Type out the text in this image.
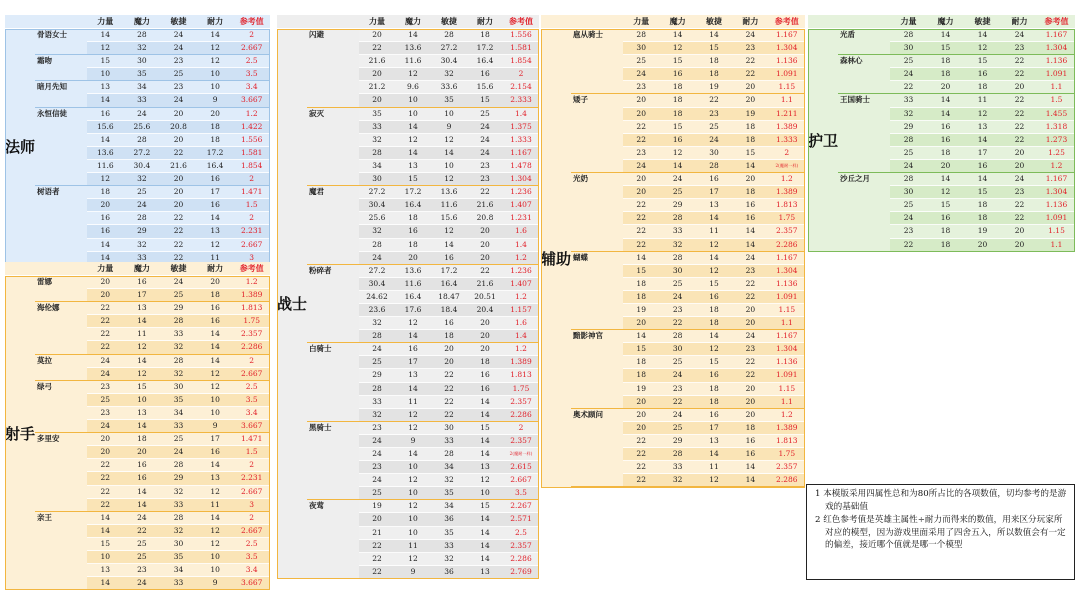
力量	魔力	敏捷	耐力	参考值
法师
骨语女士	14	28	24	14	2
12	32	24	12	2.667
霜吻	15	30	23	12	2.5
10	35	25	10	3.5
暗月先知	13	34	23	10	3.4
14	33	24	9	3.667
永恒信徒	16	24	20	20	1.2
15.6	25.6	20.8	18	1.422
14	28	20	18	1.556
13.6	27.2	22	17.2	1.581
11.6	30.4	21.6	16.4	1.854
12	32	20	16	2
树语者	18	25	20	17	1.471
20	24	20	16	1.5
16	28	22	14	2
16	29	22	13	2.231
14	32	22	12	2.667
14	33	22	11	3
力量	魔力	敏捷	耐力	参考值
射手
雷娜	20	16	24	20	1.2
20	17	25	18	1.389
海伦娜	22	13	29	16	1.813
22	14	28	16	1.75
22	11	33	14	2.357
22	12	32	14	2.286
莫拉	24	14	28	14	2
24	12	32	12	2.667
绿弓	23	15	30	12	2.5
25	10	35	10	3.5
23	13	34	10	3.4
24	14	33	9	3.667
多里安	20	18	25	17	1.471
20	20	24	16	1.5
22	16	28	14	2
22	16	29	13	2.231
22	14	32	12	2.667
22	14	33	11	3
亲王	14	24	28	14	2
14	22	32	12	2.667
15	25	30	12	2.5
10	25	35	10	3.5
13	23	34	10	3.4
14	24	33	9	3.667
力量	魔力	敏捷	耐力	参考值
战士
闪避	20	14	28	18	1.556
22	13.6	27.2	17.2	1.581
21.6	11.6	30.4	16.4	1.854
20	12	32	16	2
21.2	9.6	33.6	15.6	2.154
20	10	35	15	2.333
寂灭	35	10	10	25	1.4
33	14	9	24	1.375
32	12	12	24	1.333
28	14	14	24	1.167
34	13	10	23	1.478
30	15	12	23	1.304
魔君	27.2	17.2	13.6	22	1.236
30.4	16.4	11.6	21.6	1.407
25.6	18	15.6	20.8	1.231
32	16	12	20	1.6
28	18	14	20	1.4
24	20	16	20	1.2
粉碎者	27.2	13.6	17.2	22	1.236
30.4	11.6	16.4	21.6	1.407
24.62	16.4	18.47	20.51	1.2
23.6	17.6	18.4	20.4	1.157
32	12	16	20	1.6
28	14	18	20	1.4
白骑士	24	16	20	20	1.2
25	17	20	18	1.389
29	13	22	16	1.813
28	14	22	16	1.75
33	11	22	14	2.357
32	12	22	14	2.286
黑骑士	23	12	30	15	2
24	9	33	14	2.357
24	14	28	14	2(魔耐一样)
23	10	34	13	2.615
24	12	32	12	2.667
25	10	35	10	3.5
夜莺	19	12	34	15	2.267
20	10	36	14	2.571
21	10	35	14	2.5
22	11	33	14	2.357
22	12	32	14	2.286
22	9	36	13	2.769
力量	魔力	敏捷	耐力	参考值
辅助
扈从骑士	28	14	14	24	1.167
30	12	15	23	1.304
25	15	18	22	1.136
24	16	18	22	1.091
23	18	19	20	1.15
矮子	20	18	22	20	1.1
20	18	23	19	1.211
22	15	25	18	1.389
22	16	24	18	1.333
23	12	30	15	2
24	14	28	14	2(魔耐一样)
光奶	20	24	16	20	1.2
20	25	17	18	1.389
22	29	13	16	1.813
22	28	14	16	1.75
22	33	11	14	2.357
22	32	12	14	2.286
蝴蝶	14	28	14	24	1.167
15	30	12	23	1.304
18	25	15	22	1.136
18	24	16	22	1.091
19	23	18	20	1.15
20	22	18	20	1.1
黯影神官	14	28	14	24	1.167
15	30	12	23	1.304
18	25	15	22	1.136
18	24	16	22	1.091
19	23	18	20	1.15
20	22	18	20	1.1
奥术顾问	20	24	16	20	1.2
20	25	17	18	1.389
22	29	13	16	1.813
22	28	14	16	1.75
22	33	11	14	2.357
22	32	12	14	2.286
力量	魔力	敏捷	耐力	参考值
护卫
光盾	28	14	14	24	1.167
30	15	12	23	1.304
森林心	25	18	15	22	1.136
24	18	16	22	1.091
22	20	18	20	1.1
王国骑士	33	14	11	22	1.5
32	14	12	22	1.455
29	16	13	22	1.318
28	16	14	22	1.273
25	18	17	20	1.25
24	20	16	20	1.2
沙丘之月	28	14	14	24	1.167
30	12	15	23	1.304
25	15	18	22	1.136
24	16	18	22	1.091
23	18	19	20	1.15
22	18	20	20	1.1

1 本模版采用四属性总和为80所占比的各项数值，切均参考的是游戏的基础值

2 红色参考值是英雄主属性÷耐力而得来的数值，用来区分玩家所对应的模型，因为游戏里面采用了四舍五入，所以数值会有一定的偏差，接近哪个值就是哪一个模型
